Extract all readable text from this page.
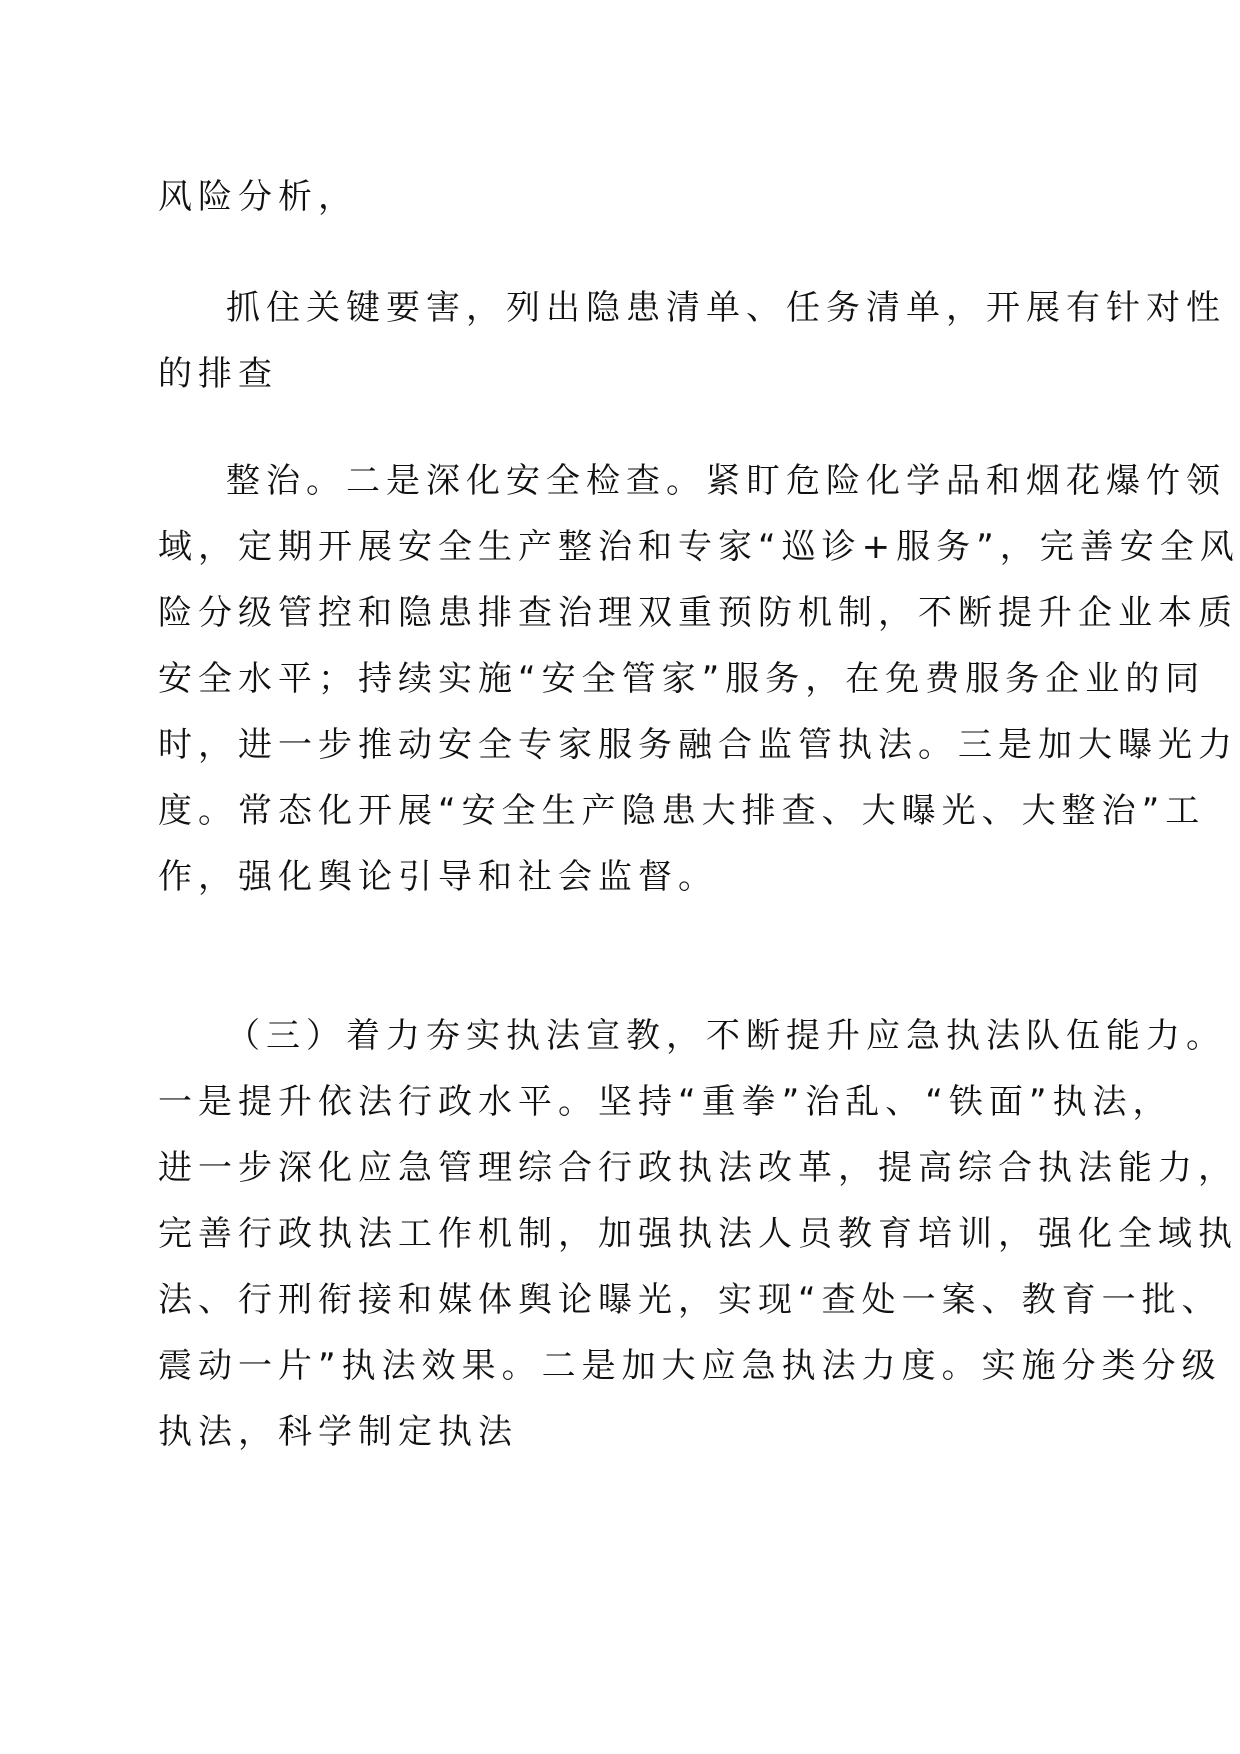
风险分析，
抓住关键要害，列出隐患清单、任务清单，开展有针对性
的排查
整治。二是深化安全检查。紧盯危险化学品和烟花爆竹领
域，定期开展安全生产整治和专家“巡诊+服务”，完善安全风
险分级管控和隐患排查治理双重预防机制，不断提升企业本质
安全水平；持续实施“安全管家”服务，在免费服务企业的同
时，进一步推动安全专家服务融合监管执法。三是加大曝光力
度。常态化开展“安全生产隐患大排查、大曝光、大整治”工
作，强化舆论引导和社会监督。
（三）着力夯实执法宣教，不断提升应急执法队伍能力。
一是提升依法行政水平。坚持“重拳”治乱、“铁面”执法，
进一步深化应急管理综合行政执法改革，提高综合执法能力，
完善行政执法工作机制，加强执法人员教育培训，强化全域执
法、行刑衔接和媒体舆论曝光，实现“查处一案、教育一批、
震动一片”执法效果。二是加大应急执法力度。实施分类分级
执法，科学制定执法
